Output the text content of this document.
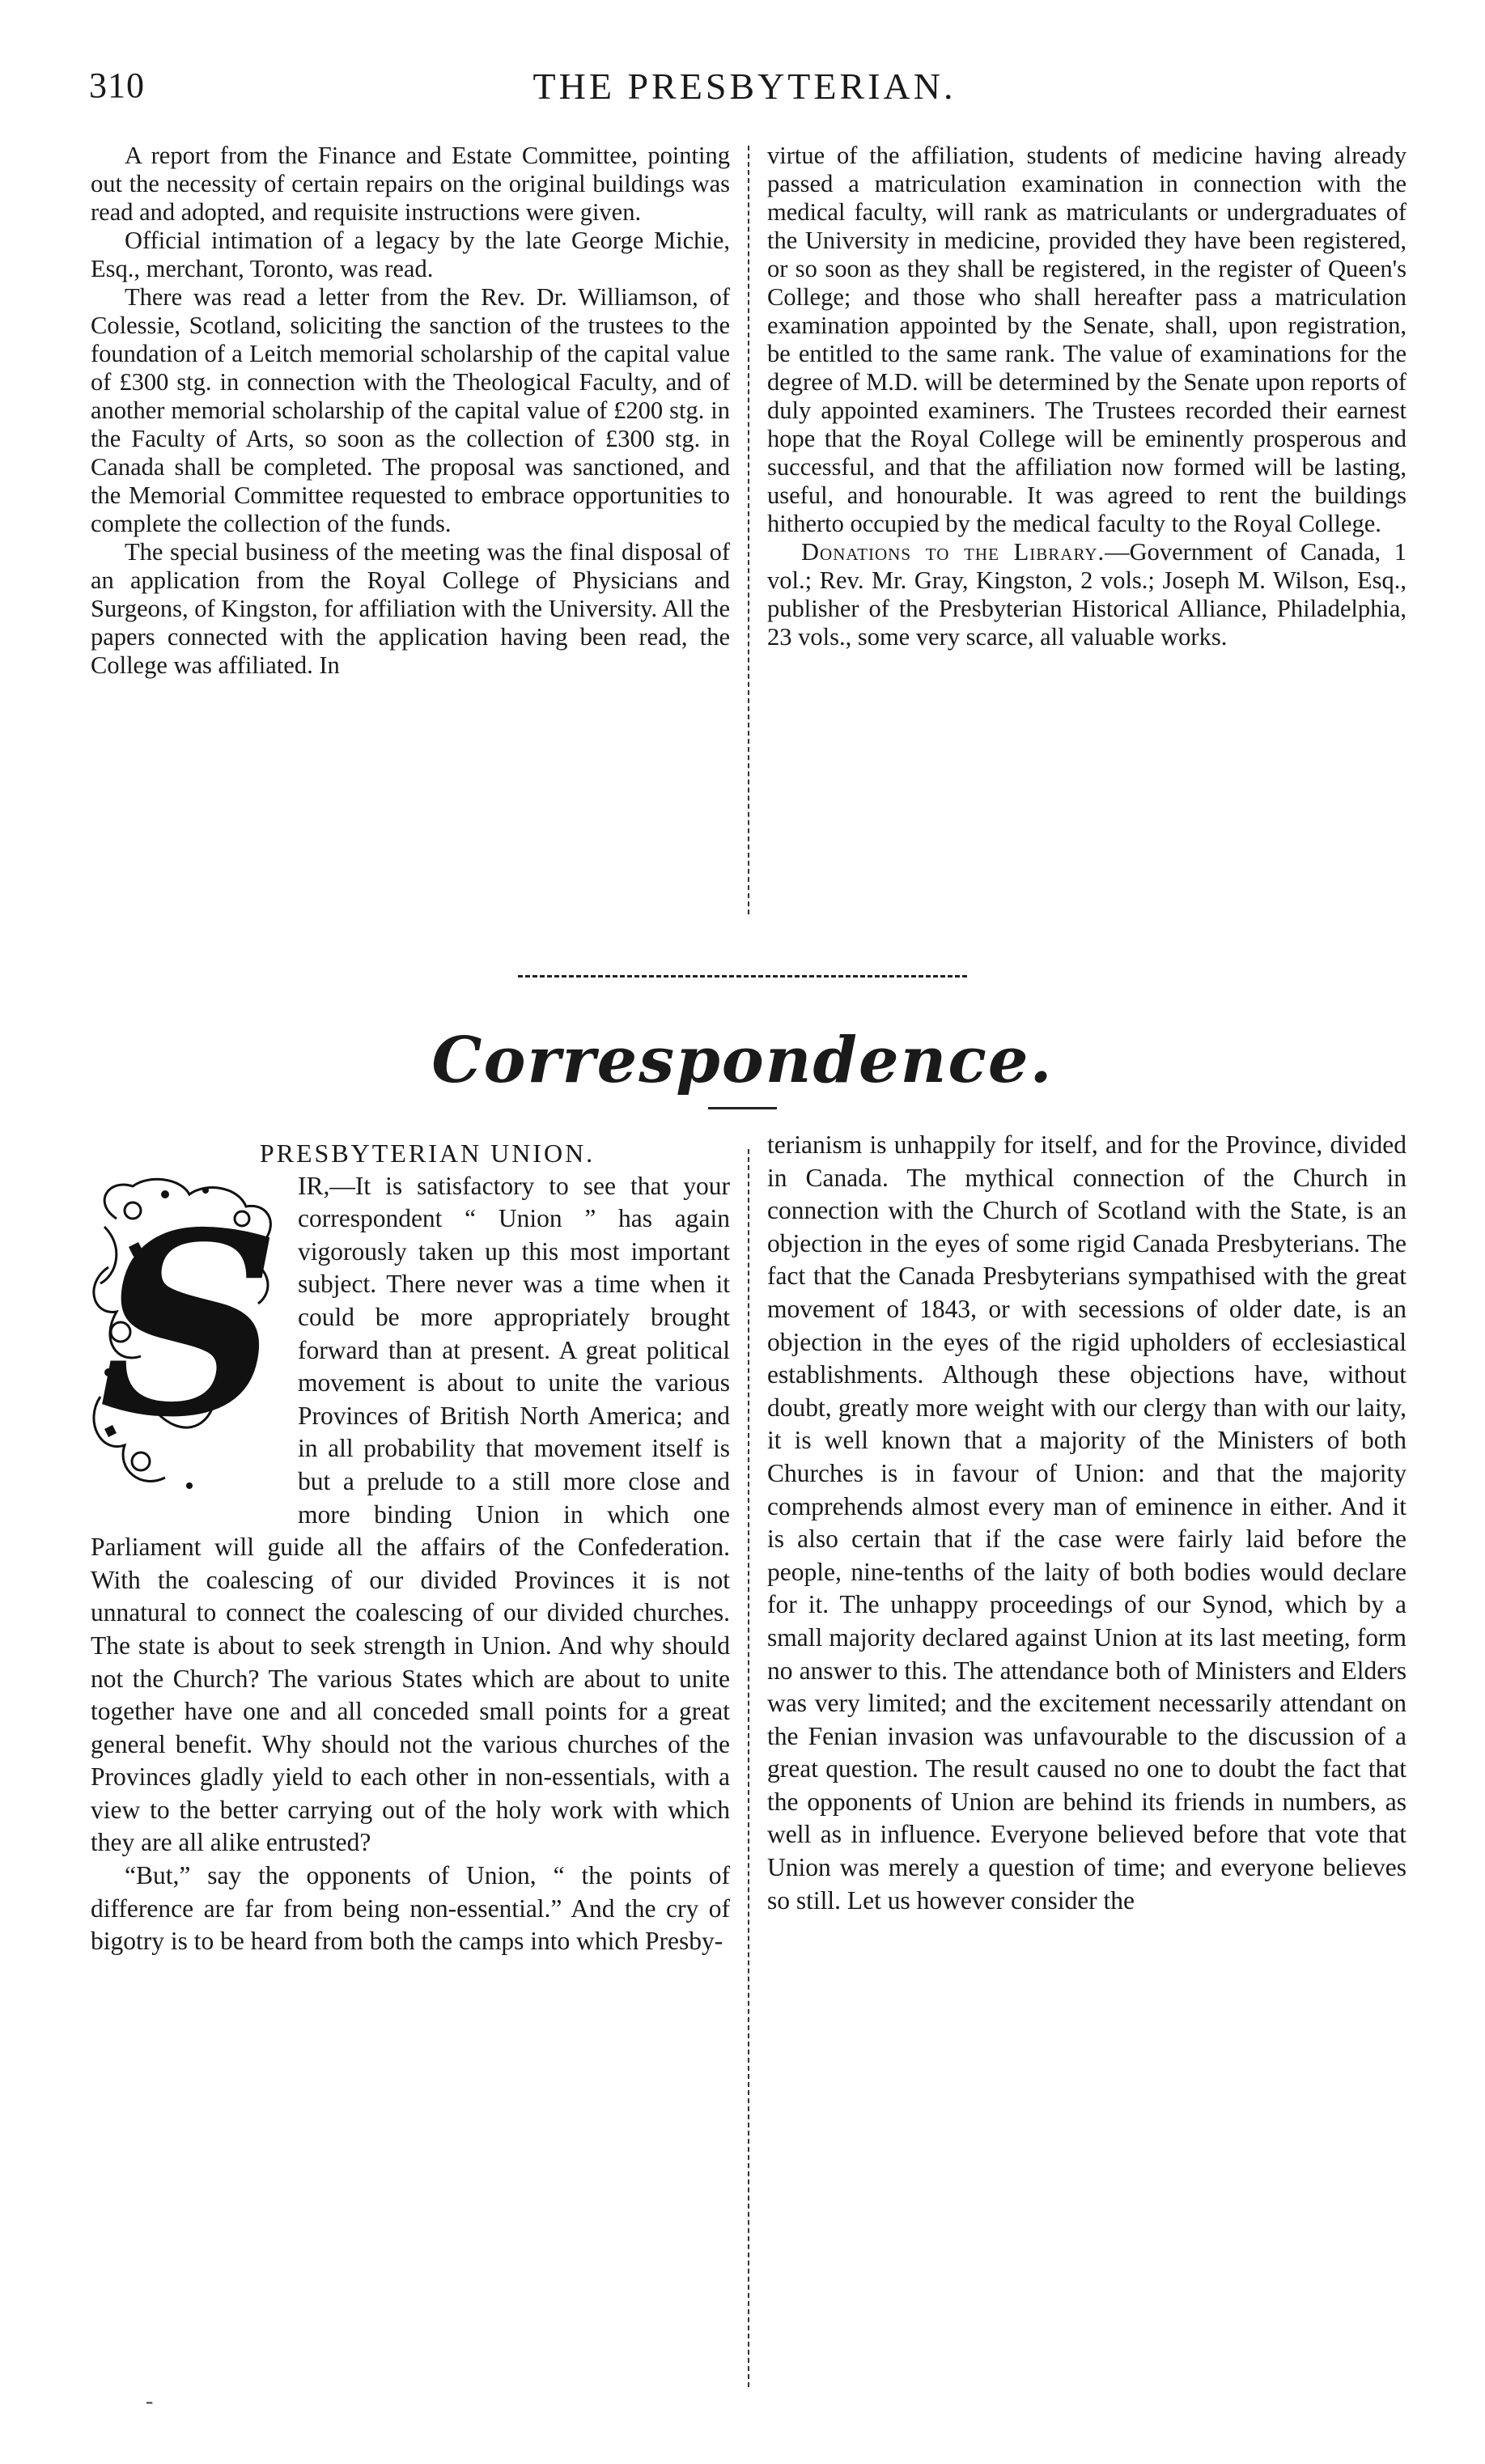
310	THE PRESBYTERIAN.

A report from the Finance and Estate Committee, pointing out the necessity of certain repairs on the original buildings was read and adopted, and requisite instructions were given.

Official intimation of a legacy by the late George Michie, Esq., merchant, Toronto, was read.

There was read a letter from the Rev. Dr. Williamson, of Colessie, Scotland, soliciting the sanction of the trustees to the foundation of a Leitch memorial scholarship of the capital value of £300 stg. in connection with the Theological Faculty, and of another memorial scholarship of the capital value of £200 stg. in the Faculty of Arts, so soon as the collection of £300 stg. in Canada shall be completed. The proposal was sanctioned, and the Memorial Committee requested to embrace opportunities to complete the collection of the funds.

The special business of the meeting was the final disposal of an application from the Royal College of Physicians and Surgeons, of Kingston, for affiliation with the University. All the papers connected with the application having been read, the College was affiliated. In

virtue of the affiliation, students of medicine having already passed a matriculation examination in connection with the medical faculty, will rank as matriculants or undergraduates of the University in medicine, provided they have been registered, or so soon as they shall be registered, in the register of Queen's College; and those who shall hereafter pass a matriculation examination appointed by the Senate, shall, upon registration, be entitled to the same rank. The value of examinations for the degree of M.D. will be determined by the Senate upon reports of duly appointed examiners. The Trustees recorded their earnest hope that the Royal College will be eminently prosperous and successful, and that the affiliation now formed will be lasting, useful, and honourable. It was agreed to rent the buildings hitherto occupied by the medical faculty to the Royal College.

Donations to the Library.—Government of Canada, 1 vol.; Rev. Mr. Gray, Kingston, 2 vols.; Joseph M. Wilson, Esq., publisher of the Presbyterian Historical Alliance, Philadelphia, 23 vols., some very scarce, all valuable works.

Correspondence.

PRESBYTERIAN UNION.

S IR,—It is satisfactory to see that your correspondent “ Union ” has again vigorously taken up this most important subject. There never was a time when it could be more appropriately brought forward than at present. A great political movement is about to unite the various Provinces of British North America; and in all probability that movement itself is but a prelude to a still more close and more binding Union in which one Parliament will guide all the affairs of the Confederation. With the coalescing of our divided Provinces it is not unnatural to connect the coalescing of our divided churches. The state is about to seek strength in Union. And why should not the Church? The various States which are about to unite together have one and all conceded small points for a great general benefit. Why should not the various churches of the Provinces gladly yield to each other in non-essentials, with a view to the better carrying out of the holy work with which they are all alike entrusted?

“But,” say the opponents of Union, “ the points of difference are far from being non-essential.” And the cry of bigotry is to be heard from both the camps into which Presby-

terianism is unhappily for itself, and for the Province, divided in Canada. The mythical connection of the Church in connection with the Church of Scotland with the State, is an objection in the eyes of some rigid Canada Presbyterians. The fact that the Canada Presbyterians sympathised with the great movement of 1843, or with secessions of older date, is an objection in the eyes of the rigid upholders of ecclesiastical establishments. Although these objections have, without doubt, greatly more weight with our clergy than with our laity, it is well known that a majority of the Ministers of both Churches is in favour of Union: and that the majority comprehends almost every man of eminence in either. And it is also certain that if the case were fairly laid before the people, nine-tenths of the laity of both bodies would declare for it. The unhappy proceedings of our Synod, which by a small majority declared against Union at its last meeting, form no answer to this. The attendance both of Ministers and Elders was very limited; and the excitement necessarily attendant on the Fenian invasion was unfavourable to the discussion of a great question. The result caused no one to doubt the fact that the opponents of Union are behind its friends in numbers, as well as in influence. Everyone believed before that vote that Union was merely a question of time; and everyone believes so still. Let us however consider the

-
